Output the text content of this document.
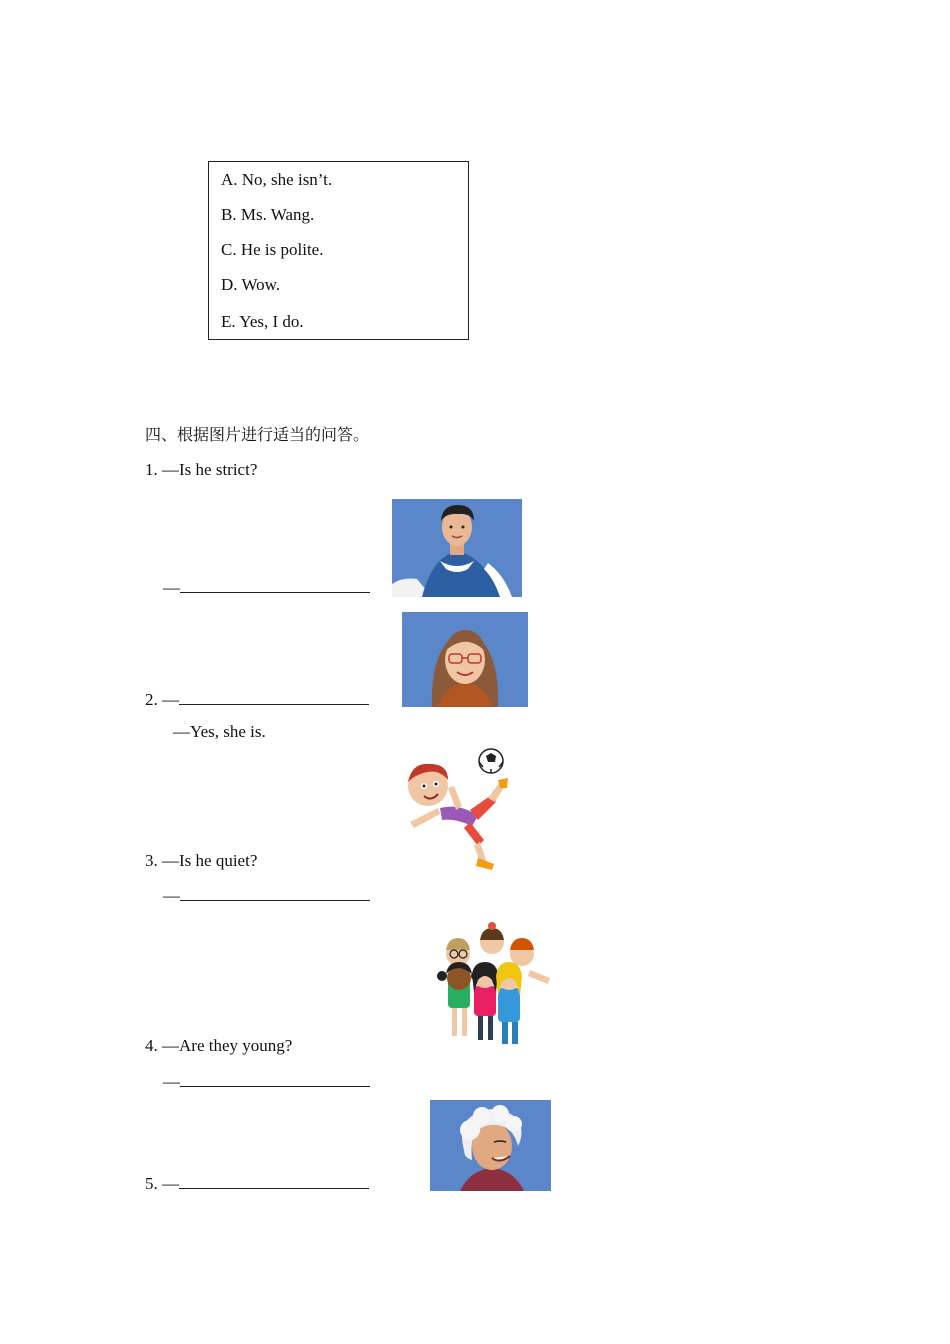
A. No, she isn’t.
B. Ms. Wang.
C. He is polite.
D. Wow.
E. Yes, I do.
四、根据图片进行适当的问答。
1. —Is he strict?
—
2. —
—Yes, she is.
3. —Is he quiet?
—
4. —Are they young?
—
5. —
